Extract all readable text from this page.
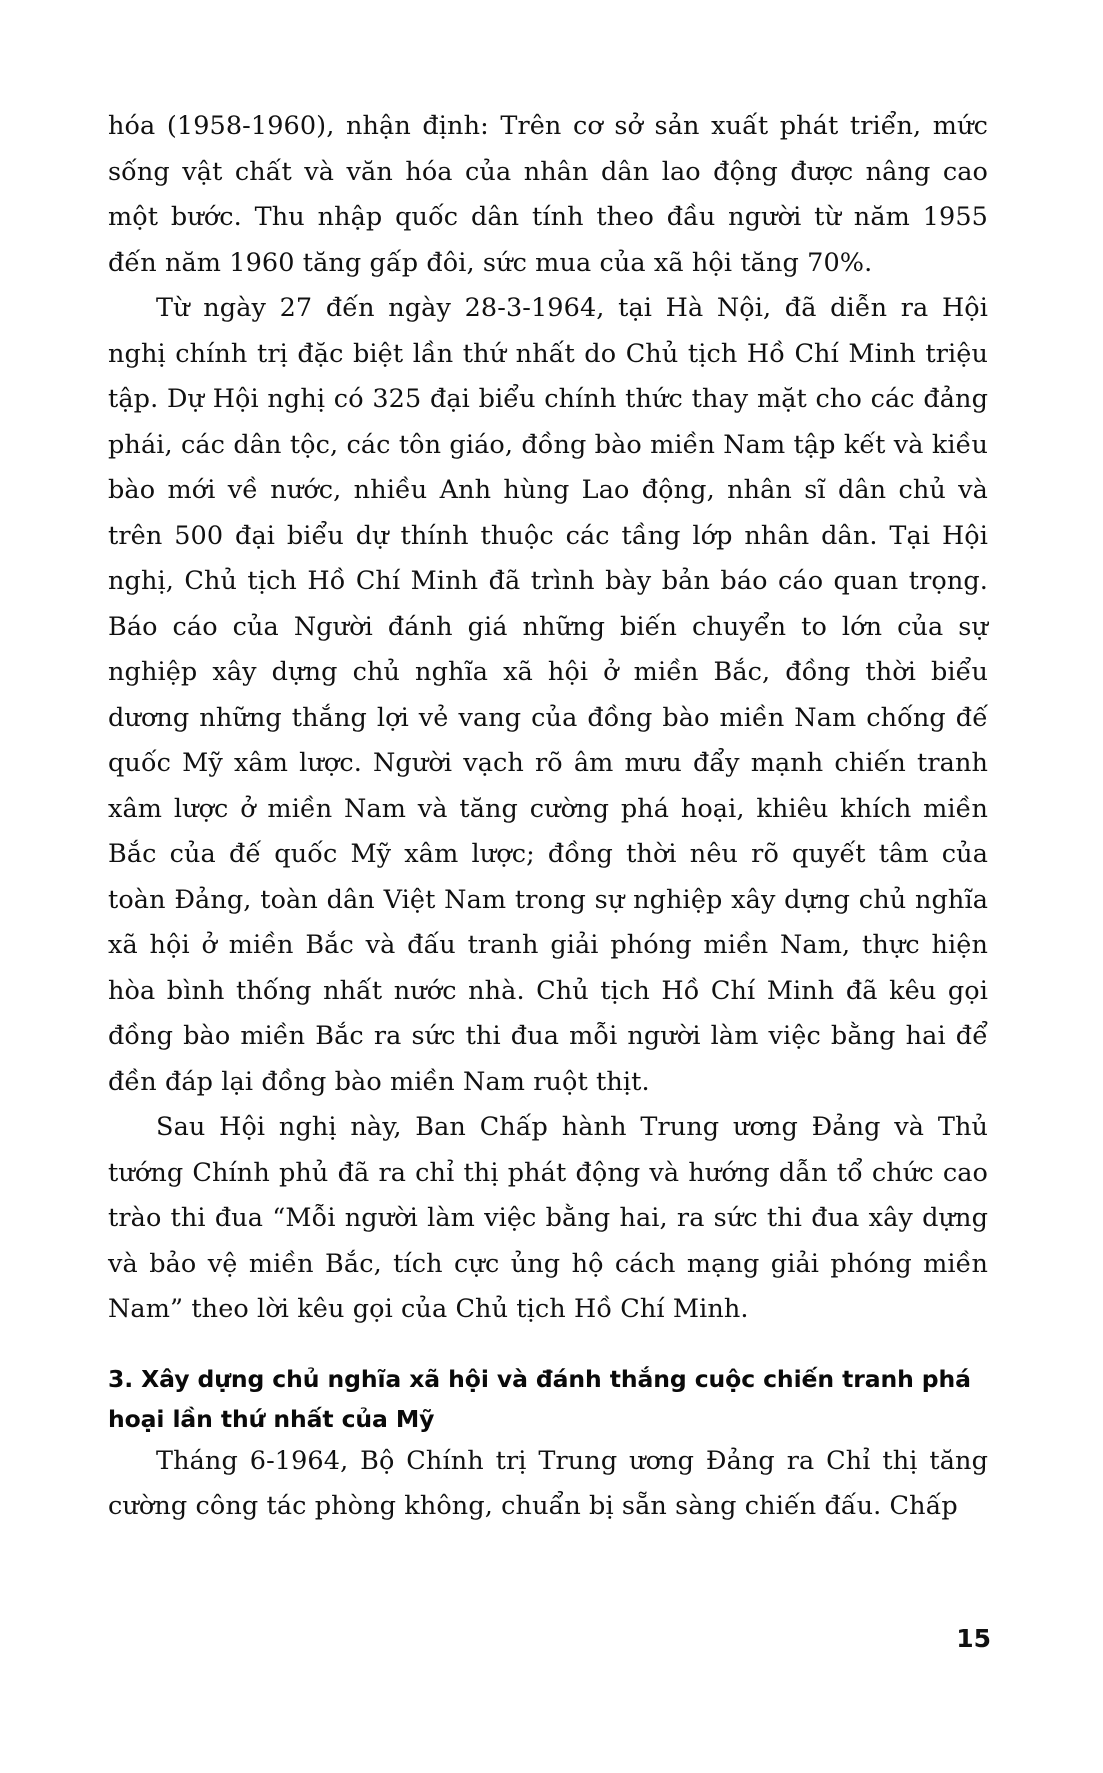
hóa (1958-1960), nhận định: Trên cơ sở sản xuất phát triển, mức sống vật chất và văn hóa của nhân dân lao động được nâng cao một bước. Thu nhập quốc dân tính theo đầu người từ năm 1955 đến năm 1960 tăng gấp đôi, sức mua của xã hội tăng 70%.

Từ ngày 27 đến ngày 28-3-1964, tại Hà Nội, đã diễn ra Hội nghị chính trị đặc biệt lần thứ nhất do Chủ tịch Hồ Chí Minh triệu tập. Dự Hội nghị có 325 đại biểu chính thức thay mặt cho các đảng phái, các dân tộc, các tôn giáo, đồng bào miền Nam tập kết và kiều bào mới về nước, nhiều Anh hùng Lao động, nhân sĩ dân chủ và trên 500 đại biểu dự thính thuộc các tầng lớp nhân dân. Tại Hội nghị, Chủ tịch Hồ Chí Minh đã trình bày bản báo cáo quan trọng. Báo cáo của Người đánh giá những biến chuyển to lớn của sự nghiệp xây dựng chủ nghĩa xã hội ở miền Bắc, đồng thời biểu dương những thắng lợi vẻ vang của đồng bào miền Nam chống đế quốc Mỹ xâm lược. Người vạch rõ âm mưu đẩy mạnh chiến tranh xâm lược ở miền Nam và tăng cường phá hoại, khiêu khích miền Bắc của đế quốc Mỹ xâm lược; đồng thời nêu rõ quyết tâm của toàn Đảng, toàn dân Việt Nam trong sự nghiệp xây dựng chủ nghĩa xã hội ở miền Bắc và đấu tranh giải phóng miền Nam, thực hiện hòa bình thống nhất nước nhà. Chủ tịch Hồ Chí Minh đã kêu gọi đồng bào miền Bắc ra sức thi đua mỗi người làm việc bằng hai để đền đáp lại đồng bào miền Nam ruột thịt.

Sau Hội nghị này, Ban Chấp hành Trung ương Đảng và Thủ tướng Chính phủ đã ra chỉ thị phát động và hướng dẫn tổ chức cao trào thi đua “Mỗi người làm việc bằng hai, ra sức thi đua xây dựng và bảo vệ miền Bắc, tích cực ủng hộ cách mạng giải phóng miền Nam” theo lời kêu gọi của Chủ tịch Hồ Chí Minh.

3. Xây dựng chủ nghĩa xã hội và đánh thắng cuộc chiến tranh phá hoại lần thứ nhất của Mỹ

Tháng 6-1964, Bộ Chính trị Trung ương Đảng ra Chỉ thị tăng cường công tác phòng không, chuẩn bị sẵn sàng chiến đấu. Chấp

15
